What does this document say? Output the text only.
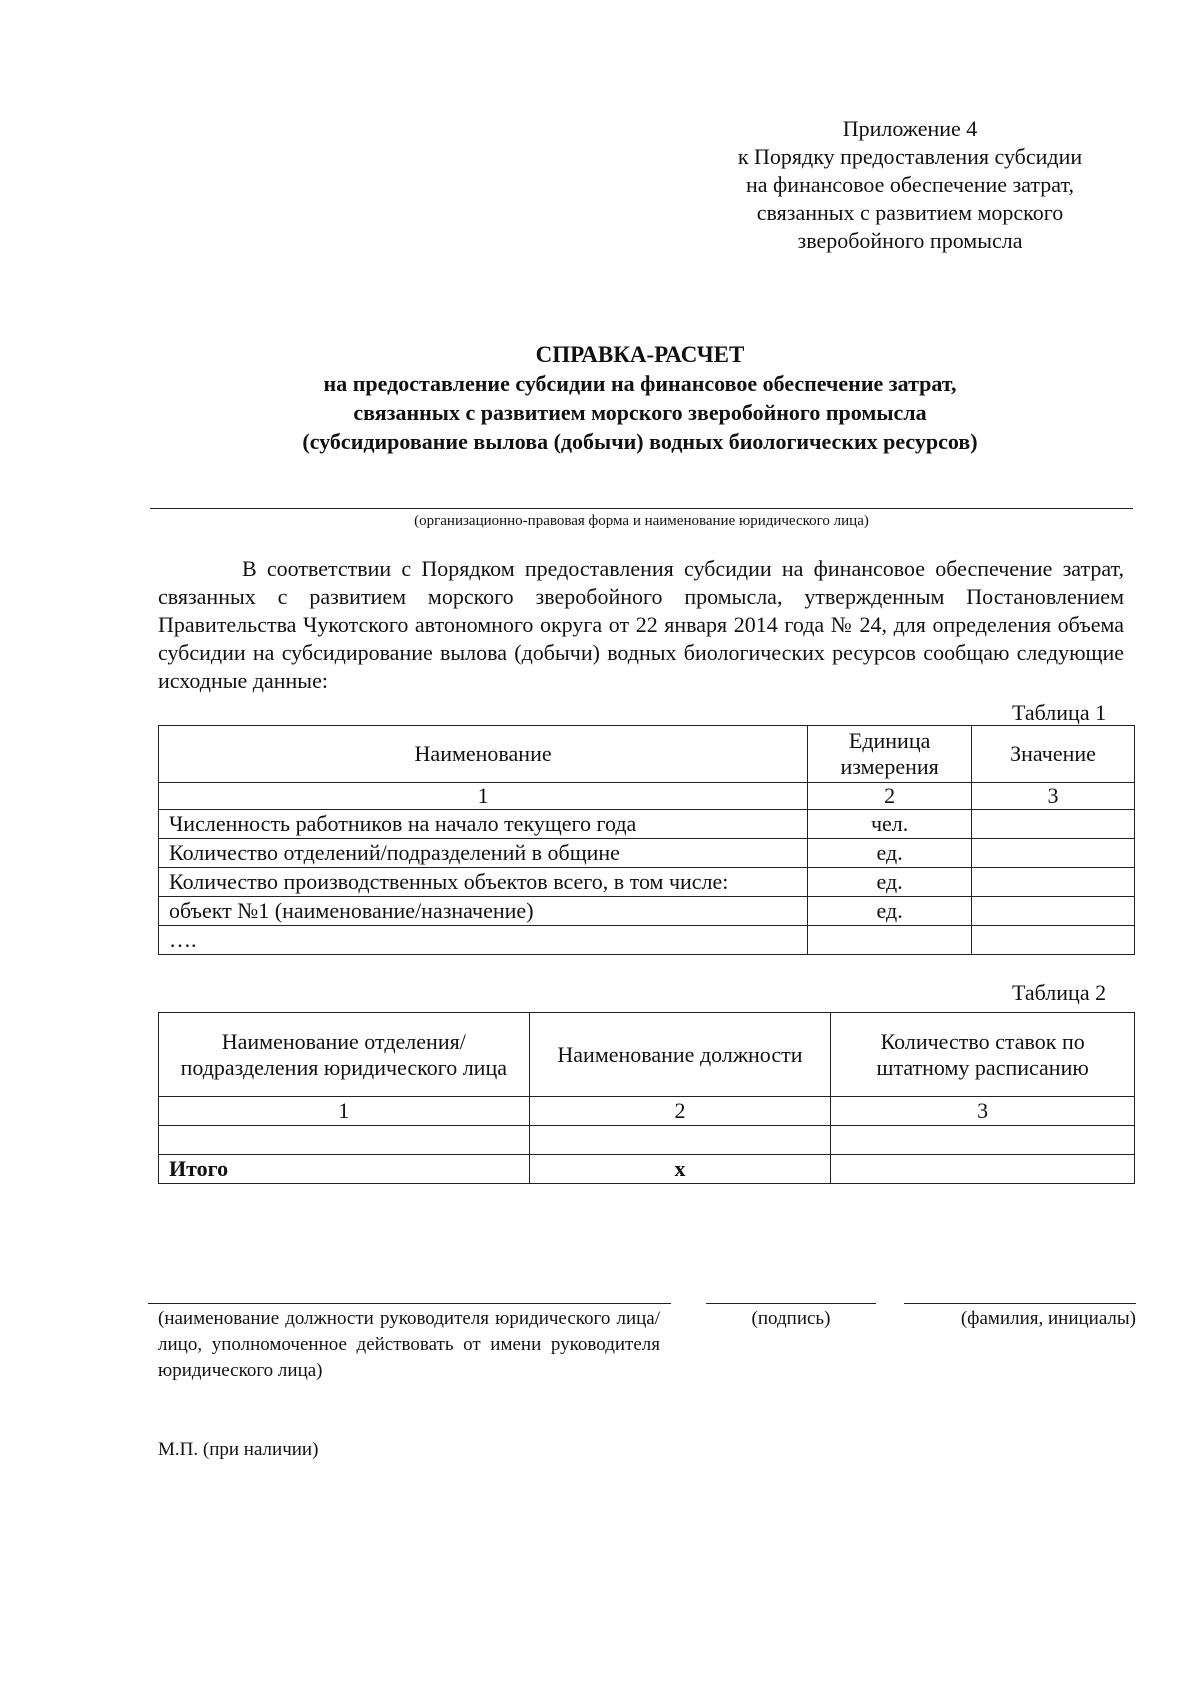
Приложение 4
к Порядку предоставления субсидии
на финансовое обеспечение затрат,
связанных с развитием морского
зверобойного промысла
СПРАВКА-РАСЧЕТ
на предоставление субсидии на финансовое обеспечение затрат,
связанных с развитием морского зверобойного промысла
(субсидирование вылова (добычи) водных биологических ресурсов)
(организационно-правовая форма и наименование юридического лица)
В соответствии с Порядком предоставления субсидии на финансовое обеспечение затрат, связанных с развитием морского зверобойного промысла, утвержденным Постановлением Правительства Чукотского автономного округа от 22 января 2014 года № 24, для определения объема субсидии на субсидирование вылова (добычи) водных биологических ресурсов сообщаю следующие исходные данные:
Таблица 1
Наименование	Единица измерения	Значение
1	2	3
Численность работников на начало текущего года	чел.	
Количество отделений/подразделений в общине	ед.	
Количество производственных объектов всего, в том числе:	ед.	
объект №1 (наименование/назначение)	ед.	
….		
Таблица 2
Наименование отделения/подразделения юридического лица	Наименование должности	Количество ставок по штатному расписанию
1	2	3

Итого	х	
(наименование должности руководителя юридического лица/ лицо, уполномоченное действовать от имени руководителя юридического лица)
(подпись)	(фамилия, инициалы)
М.П. (при наличии)
